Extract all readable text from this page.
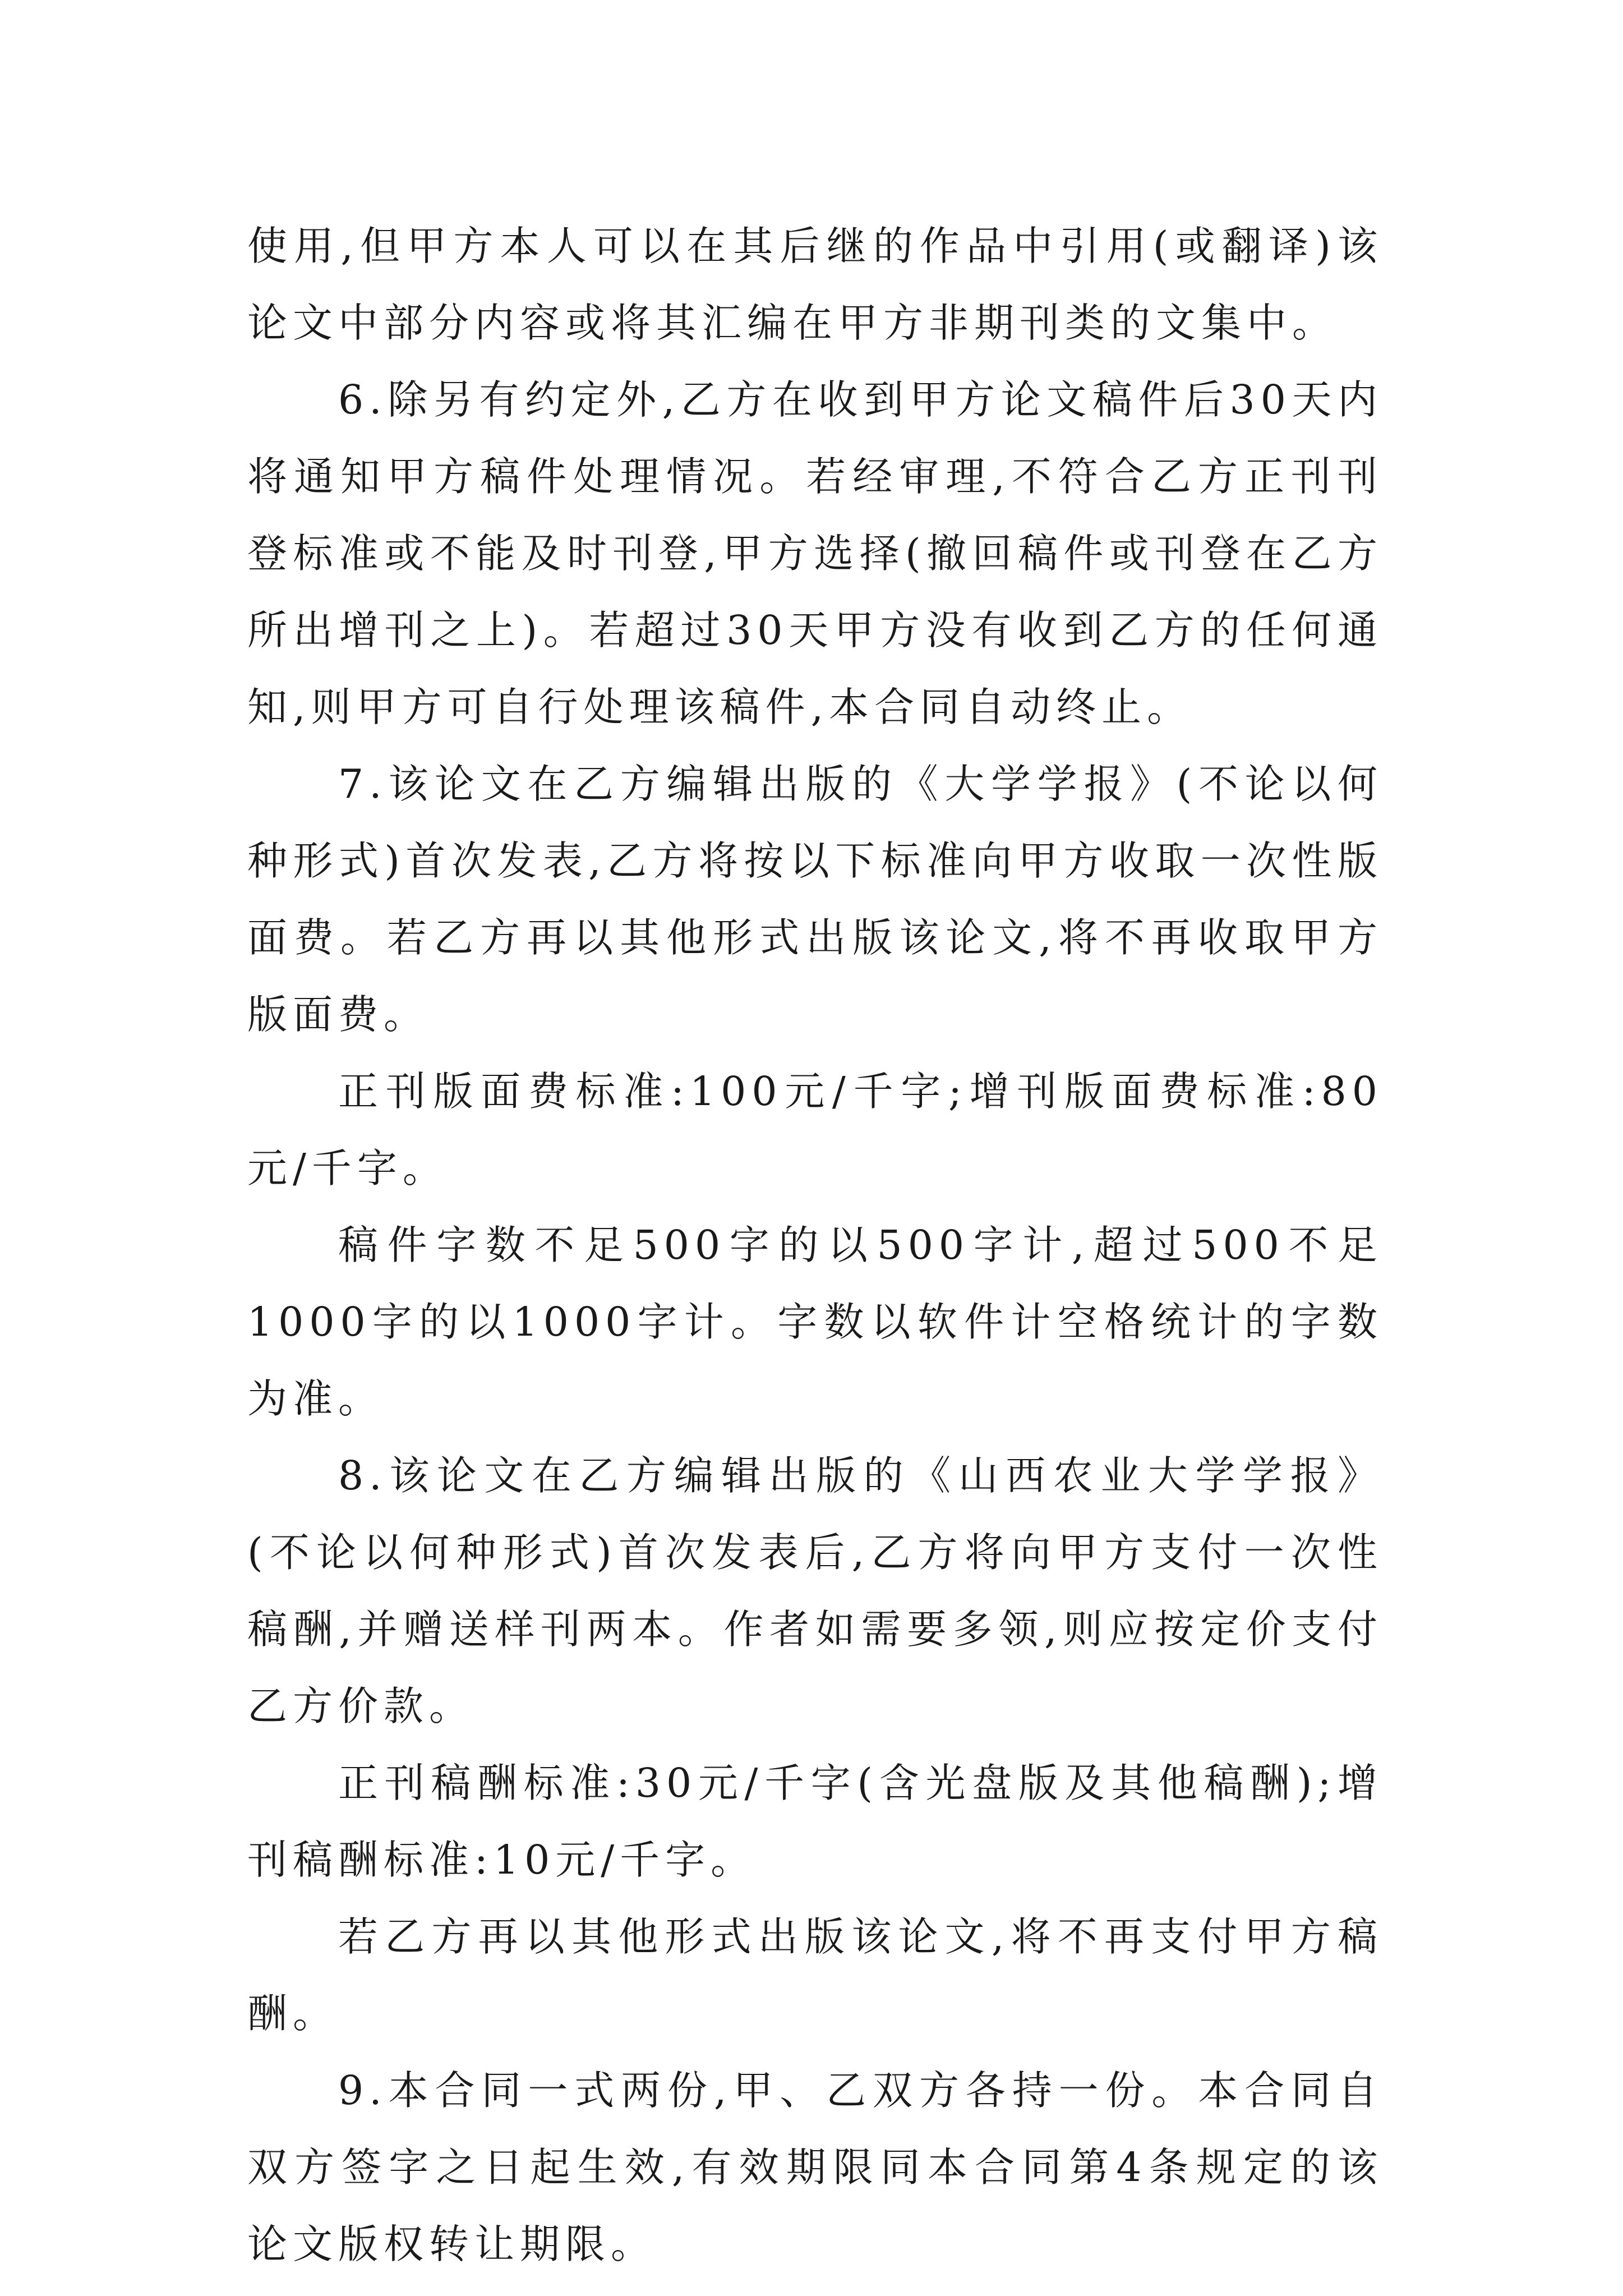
使用,但甲方本人可以在其后继的作品中引用(或翻译)该论文中部分内容或将其汇编在甲方非期刊类的文集中。

6.除另有约定外,乙方在收到甲方论文稿件后30天内将通知甲方稿件处理情况。若经审理,不符合乙方正刊刊登标准或不能及时刊登,甲方选择(撤回稿件或刊登在乙方所出增刊之上)。若超过30天甲方没有收到乙方的任何通知,则甲方可自行处理该稿件,本合同自动终止。

7.该论文在乙方编辑出版的《大学学报》(不论以何种形式)首次发表,乙方将按以下标准向甲方收取一次性版面费。若乙方再以其他形式出版该论文,将不再收取甲方版面费。

正刊版面费标准:100元/千字;增刊版面费标准:80元/千字。

稿件字数不足500字的以500字计,超过500不足1000字的以1000字计。字数以软件计空格统计的字数为准。

8.该论文在乙方编辑出版的《山西农业大学学报》(不论以何种形式)首次发表后,乙方将向甲方支付一次性稿酬,并赠送样刊两本。作者如需要多领,则应按定价支付乙方价款。

正刊稿酬标准:30元/千字(含光盘版及其他稿酬);增刊稿酬标准:10元/千字。

若乙方再以其他形式出版该论文,将不再支付甲方稿酬。

9.本合同一式两份,甲、乙双方各持一份。本合同自双方签字之日起生效,有效期限同本合同第4条规定的该论文版权转让期限。
